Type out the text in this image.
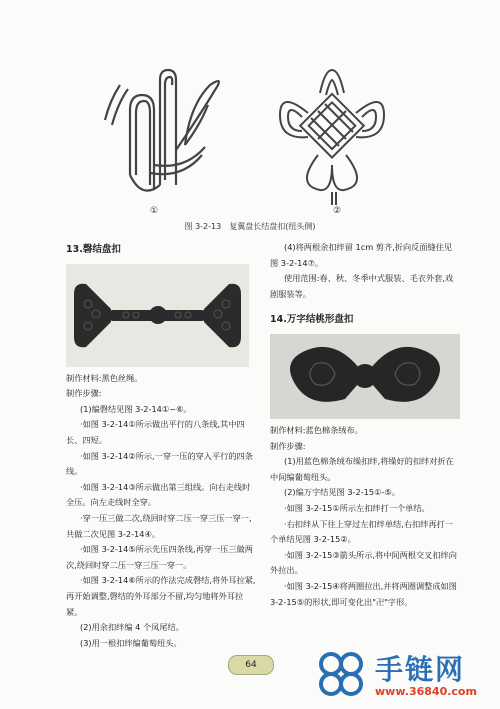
①	②
图 3-2-13　复翼盘长结盘扣(纽头侧)

13.磬结盘扣

制作材料:黑色丝绳。

制作步骤:

(1)编磬结见图 3-2-14①~⑥。

·如图 3-2-14①所示做出平行的八条线,其中四长、四短。

·如图 3-2-14②所示,一穿一压的穿入平行的四条线。

·如图 3-2-14③所示做出第三组线。向右走线时全压。向左走线时全穿。

·穿一压三做二次,绕回时穿二压一穿三压一穿一,共做二次见图 3-2-14④。

·如图 3-2-14⑤所示先压四条线,再穿一压三做两次,绕回时穿二压一穿三压一穿一。

·如图 3-2-14⑥所示的作法完成磬结,将外耳拉紧,再开始调整,磬结的外耳部分不留,均匀地将外耳拉紧。

(2)用余扣绊编 4 个凤尾结。

(3)用一根扣绊编葡萄纽头。

(4)将两根余扣绊留 1cm 剪齐,折向反面缝住见图 3-2-14⑦。

使用范围:春、秋、冬季中式服装、毛衣外套,戏剧服装等。

14.万字结桃形盘扣

制作材料:蓝色棉条绒布。

制作步骤:

(1)用蓝色棉条绒布缲扣绊,将缲好的扣绊对折在中间编葡萄纽头。

(2)编万字结见图 3-2-15①-⑤。

·如图 3-2-15①所示左扣绊打一个单结。

·右扣绊从下往上穿过左扣绊单结,右扣绊再打一个单结见图 3-2-15②。

·如图 3-2-15③箭头所示,将中间两根交叉扣绊向外拉出。

·如图 3-2-15④将两圈拉出,并将两圈调整成如图 3-2-15⑤的形状,即可变化出"卍"字形。

64	手链网
www.36840.com
